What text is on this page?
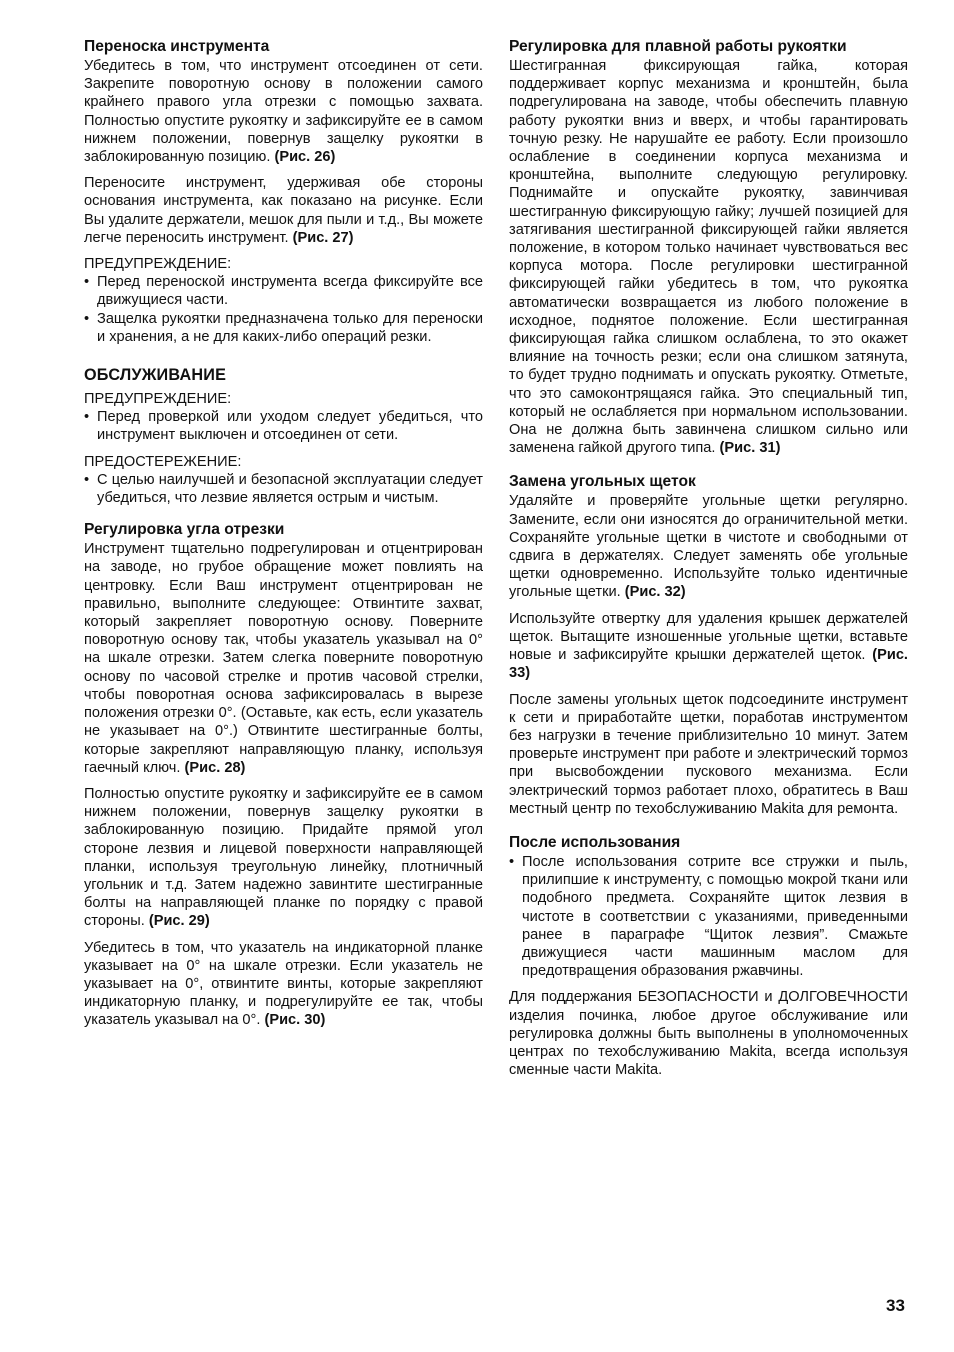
Переноска инструмента

Убедитесь в том, что инструмент отсоединен от сети. Закрепите поворотную основу в положении самого крайнего правого угла отрезки с помощью захвата. Полностью опустите рукоятку и зафиксируйте ее в самом нижнем положении, повернув защелку рукоятки в заблокированную позицию. (Рис. 26)

Переносите инструмент, удерживая обе стороны основания инструмента, как показано на рисунке. Если Вы удалите держатели, мешок для пыли и т.д., Вы можете легче переносить инструмент. (Рис. 27)

ПРЕДУПРЕЖДЕНИЕ:

• Перед переноской инструмента всегда фиксируйте все движущиеся части.
• Защелка рукоятки предназначена только для переноски и хранения, а не для каких-либо операций резки.
ОБСЛУЖИВАНИЕ

ПРЕДУПРЕЖДЕНИЕ:

• Перед проверкой или уходом следует убедиться, что инструмент выключен и отсоединен от сети.

ПРЕДОСТЕРЕЖЕНИЕ:

• С целью наилучшей и безопасной эксплуатации следует убедиться, что лезвие является острым и чистым.
Регулировка угла отрезки

Инструмент тщательно подрегулирован и отцентрирован на заводе, но грубое обращение может повлиять на центровку. Если Ваш инструмент отцентрирован не правильно, выполните следующее: Отвинтите захват, который закрепляет поворотную основу. Поверните поворотную основу так, чтобы указатель указывал на 0° на шкале отрезки. Затем слегка поверните поворотную основу по часовой стрелке и против часовой стрелки, чтобы поворотная основа зафиксировалась в вырезе положения отрезки 0°. (Оставьте, как есть, если указатель не указывает на 0°.) Отвинтите шестигранные болты, которые закрепляют направляющую планку, используя гаечный ключ. (Рис. 28)

Полностью опустите рукоятку и зафиксируйте ее в самом нижнем положении, повернув защелку рукоятки в заблокированную позицию. Придайте прямой угол стороне лезвия и лицевой поверхности направляющей планки, используя треугольную линейку, плотничный угольник и т.д. Затем надежно завинтите шестигранные болты на направляющей планке по порядку с правой стороны. (Рис. 29)

Убедитесь в том, что указатель на индикаторной планке указывает на 0° на шкале отрезки. Если указатель не указывает на 0°, отвинтите винты, которые закрепляют индикаторную планку, и подрегулируйте ее так, чтобы указатель указывал на 0°. (Рис. 30)

Регулировка для плавной работы рукоятки

Шестигранная фиксирующая гайка, которая поддерживает корпус механизма и кронштейн, была подрегулирована на заводе, чтобы обеспечить плавную работу рукоятки вниз и вверх, и чтобы гарантировать точную резку. Не нарушайте ее работу. Если произошло ослабление в соединении корпуса механизма и кронштейна, выполните следующую регулировку. Поднимайте и опускайте рукоятку, завинчивая шестигранную фиксирующую гайку; лучшей позицией для затягивания шестигранной фиксирующей гайки является положение, в котором только начинает чувствоваться вес корпуса мотора. После регулировки шестигранной фиксирующей гайки убедитесь в том, что рукоятка автоматически возвращается из любого положение в исходное, поднятое положение. Если шестигранная фиксирующая гайка слишком ослаблена, то это окажет влияние на точность резки; если она слишком затянута, то будет трудно поднимать и опускать рукоятку. Отметьте, что это самоконтрящаяся гайка. Это специальный тип, который не ослабляется при нормальном использовании. Она не должна быть завинчена слишком сильно или заменена гайкой другого типа. (Рис. 31)

Замена угольных щеток

Удаляйте и проверяйте угольные щетки регулярно. Замените, если они износятся до ограничительной метки. Сохраняйте угольные щетки в чистоте и свободными от сдвига в держателях. Следует заменять обе угольные щетки одновременно. Используйте только идентичные угольные щетки. (Рис. 32)

Используйте отвертку для удаления крышек держателей щеток. Вытащите изношенные угольные щетки, вставьте новые и зафиксируйте крышки держателей щеток. (Рис. 33)

После замены угольных щеток подсоедините инструмент к сети и приработайте щетки, поработав инструментом без нагрузки в течение приблизительно 10 минут. Затем проверьте инструмент при работе и электрический тормоз при высвобождении пускового механизма. Если электрический тормоз работает плохо, обратитесь в Ваш местный центр по техобслуживанию Makita для ремонта.

После использования
• После использования сотрите все стружки и пыль, прилипшие к инструменту, с помощью мокрой ткани или подобного предмета. Сохраняйте щиток лезвия в чистоте в соответствии с указаниями, приведенными ранее в параграфе “Щиток лезвия”. Смажьте движущиеся части машинным маслом для предотвращения образования ржавчины.

Для поддержания БЕЗОПАСНОСТИ и ДОЛГОВЕЧНОСТИ изделия починка, любое другое обслуживание или регулировка должны быть выполнены в уполномоченных центрах по техобслуживанию Makita, всегда используя сменные части Makita.

33
